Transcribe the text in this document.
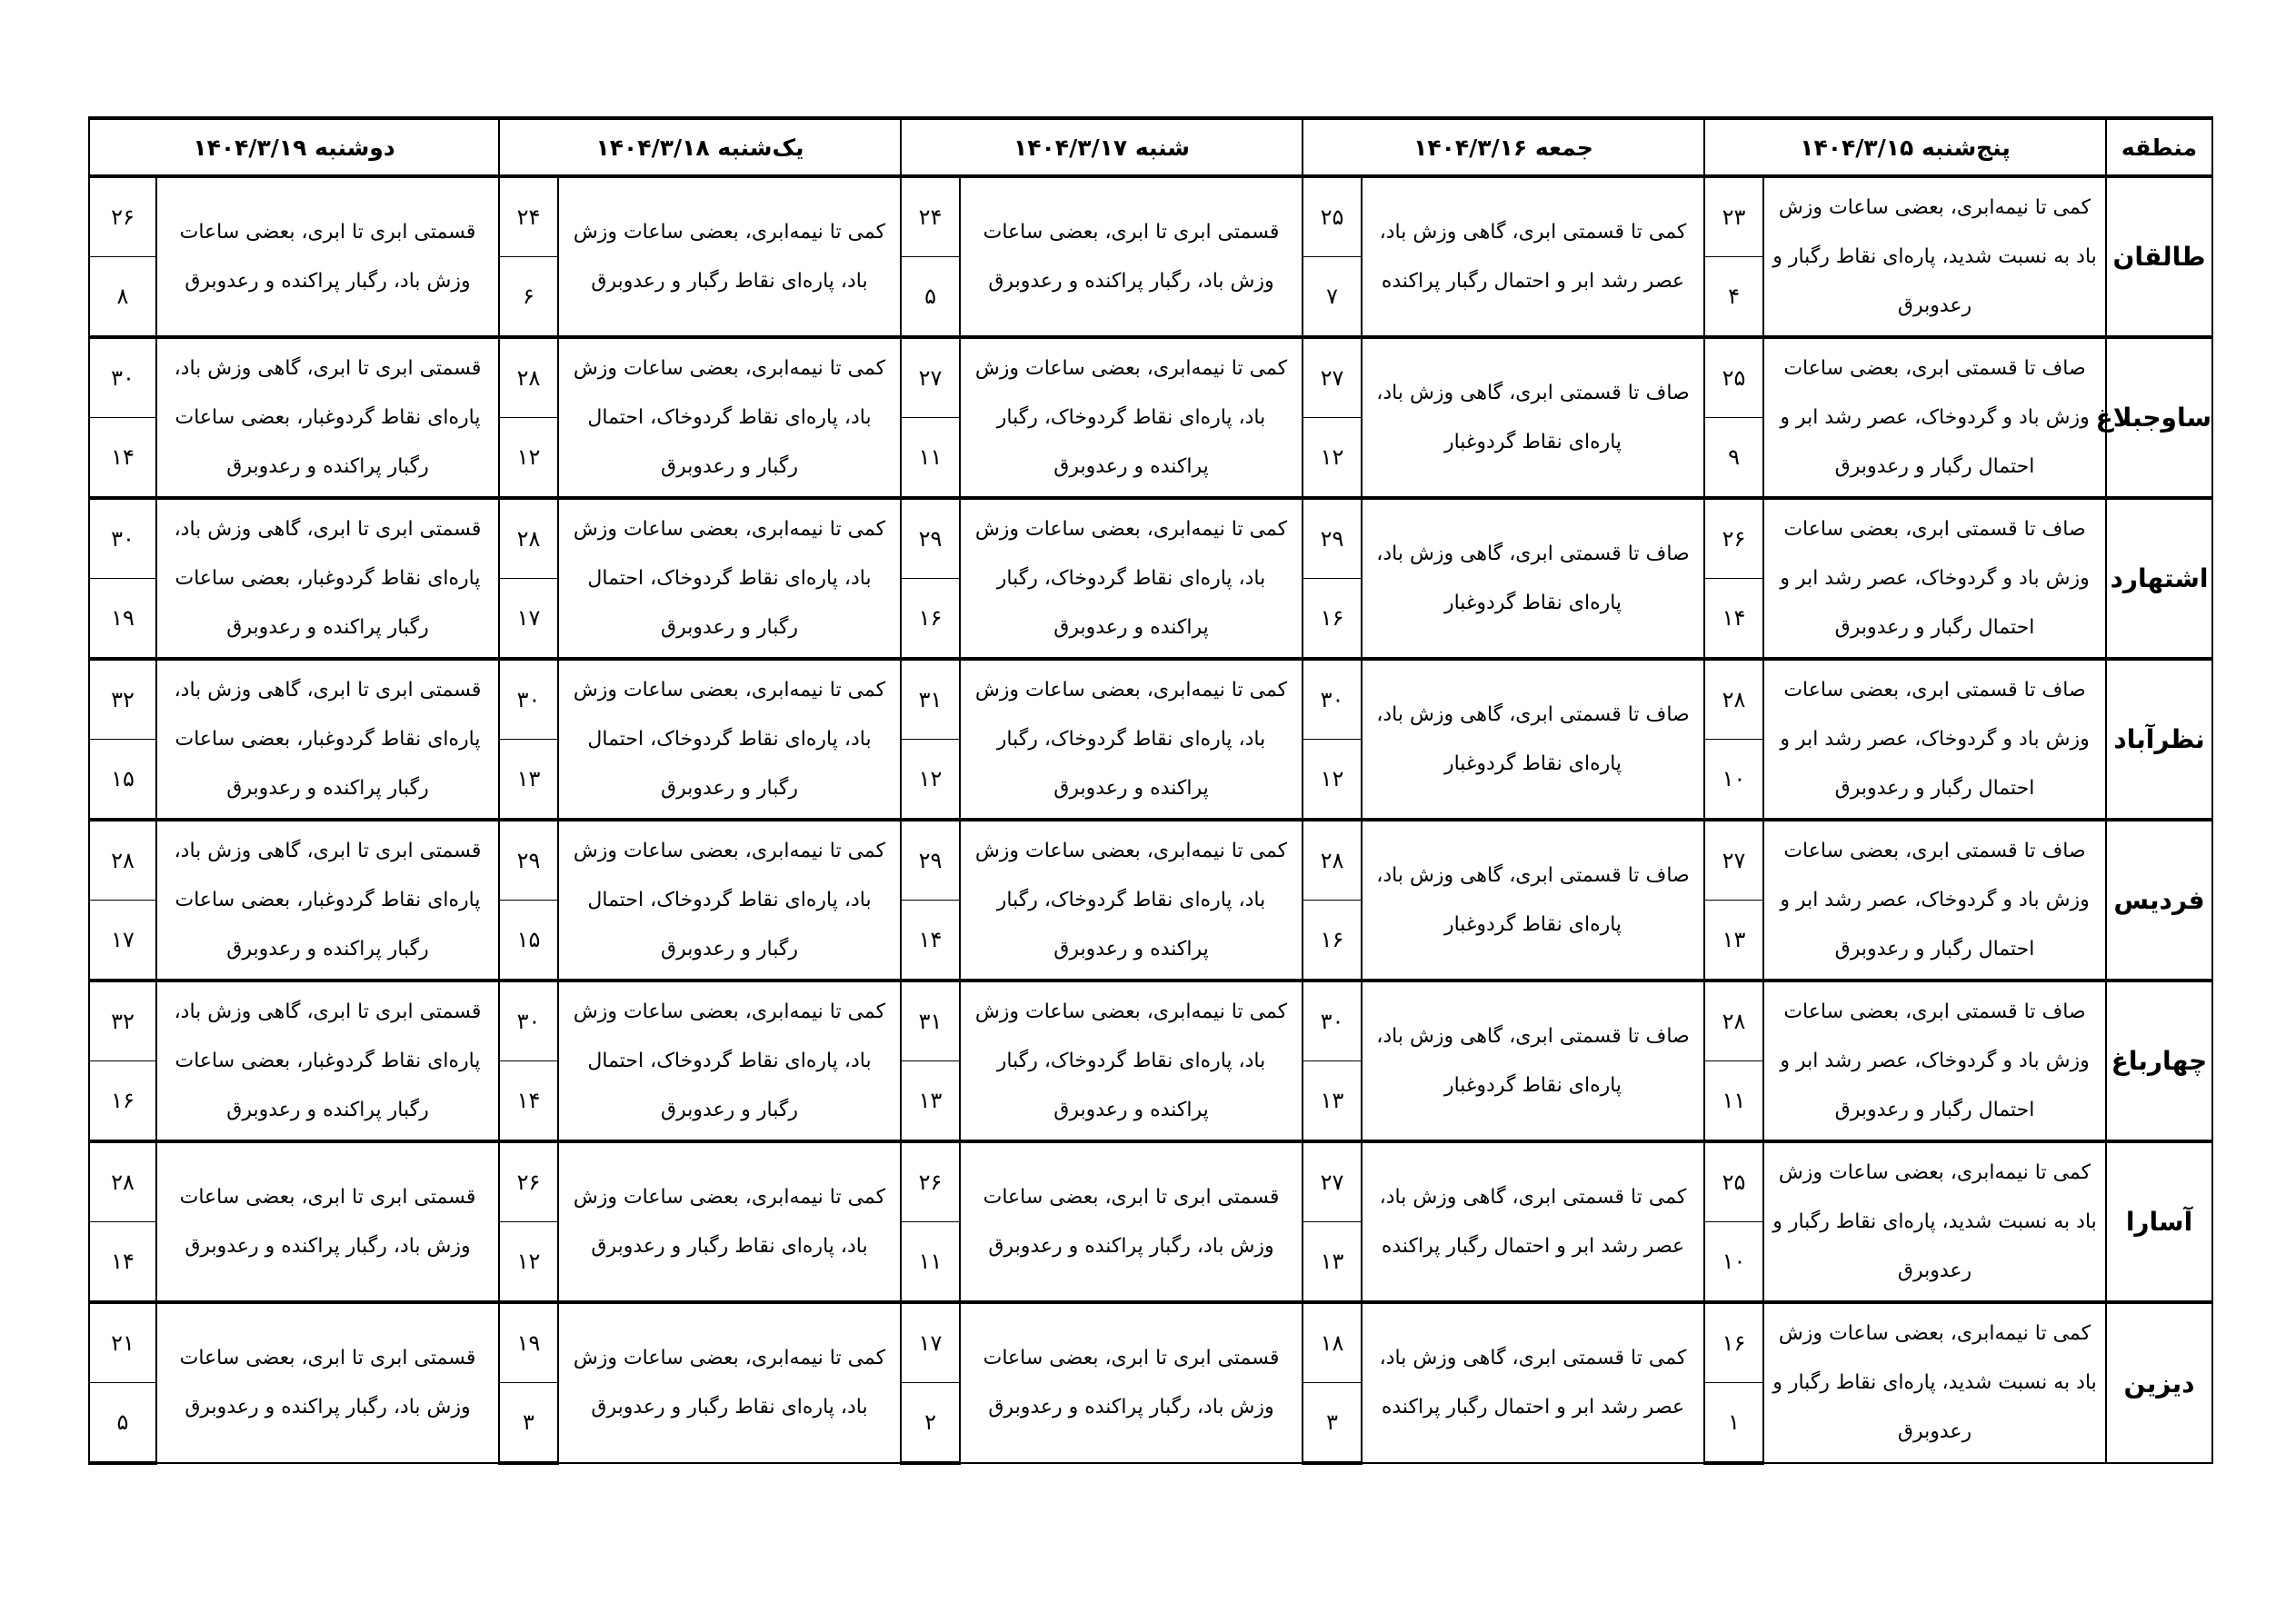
منطقه	پنج‌شنبه ۱۴۰۴/۳/۱۵		جمعه ۱۴۰۴/۳/۱۶		شنبه ۱۴۰۴/۳/۱۷		یک‌شنبه ۱۴۰۴/۳/۱۸		دوشنبه ۱۴۰۴/۳/۱۹	
طالقان	کمی تا نیمه‌ابری، بعضی ساعات وزش باد به نسبت شدید، پاره‌ای نقاط رگبار و رعدوبرق	۲۳	کمی تا قسمتی ابری، گاهی وزش باد، عصر رشد ابر و احتمال رگبار پراکنده	۲۵	قسمتی ابری تا ابری، بعضی ساعات وزش باد، رگبار پراکنده و رعدوبرق	۲۴	کمی تا نیمه‌ابری، بعضی ساعات وزش باد، پاره‌ای نقاط رگبار و رعدوبرق	۲۴	قسمتی ابری تا ابری، بعضی ساعات وزش باد، رگبار پراکنده و رعدوبرق	۲۶
		۴		۷		۵		۶		۸
ساوجبلاغ	صاف تا قسمتی ابری، بعضی ساعات وزش باد و گردوخاک، عصر رشد ابر و احتمال رگبار و رعدوبرق	۲۵	صاف تا قسمتی ابری، گاهی وزش باد، پاره‌ای نقاط گردوغبار	۲۷	کمی تا نیمه‌ابری، بعضی ساعات وزش باد، پاره‌ای نقاط گردوخاک، رگبار پراکنده و رعدوبرق	۲۷	کمی تا نیمه‌ابری، بعضی ساعات وزش باد، پاره‌ای نقاط گردوخاک، احتمال رگبار و رعدوبرق	۲۸	قسمتی ابری تا ابری، گاهی وزش باد، پاره‌ای نقاط گردوغبار، بعضی ساعات رگبار پراکنده و رعدوبرق	۳۰
		۹		۱۲		۱۱		۱۲		۱۴
اشتهارد	صاف تا قسمتی ابری، بعضی ساعات وزش باد و گردوخاک، عصر رشد ابر و احتمال رگبار و رعدوبرق	۲۶	صاف تا قسمتی ابری، گاهی وزش باد، پاره‌ای نقاط گردوغبار	۲۹	کمی تا نیمه‌ابری، بعضی ساعات وزش باد، پاره‌ای نقاط گردوخاک، رگبار پراکنده و رعدوبرق	۲۹	کمی تا نیمه‌ابری، بعضی ساعات وزش باد، پاره‌ای نقاط گردوخاک، احتمال رگبار و رعدوبرق	۲۸	قسمتی ابری تا ابری، گاهی وزش باد، پاره‌ای نقاط گردوغبار، بعضی ساعات رگبار پراکنده و رعدوبرق	۳۰
		۱۴		۱۶		۱۶		۱۷		۱۹
نظرآباد	صاف تا قسمتی ابری، بعضی ساعات وزش باد و گردوخاک، عصر رشد ابر و احتمال رگبار و رعدوبرق	۲۸	صاف تا قسمتی ابری، گاهی وزش باد، پاره‌ای نقاط گردوغبار	۳۰	کمی تا نیمه‌ابری، بعضی ساعات وزش باد، پاره‌ای نقاط گردوخاک، رگبار پراکنده و رعدوبرق	۳۱	کمی تا نیمه‌ابری، بعضی ساعات وزش باد، پاره‌ای نقاط گردوخاک، احتمال رگبار و رعدوبرق	۳۰	قسمتی ابری تا ابری، گاهی وزش باد، پاره‌ای نقاط گردوغبار، بعضی ساعات رگبار پراکنده و رعدوبرق	۳۲
		۱۰		۱۲		۱۲		۱۳		۱۵
فردیس	صاف تا قسمتی ابری، بعضی ساعات وزش باد و گردوخاک، عصر رشد ابر و احتمال رگبار و رعدوبرق	۲۷	صاف تا قسمتی ابری، گاهی وزش باد، پاره‌ای نقاط گردوغبار	۲۸	کمی تا نیمه‌ابری، بعضی ساعات وزش باد، پاره‌ای نقاط گردوخاک، رگبار پراکنده و رعدوبرق	۲۹	کمی تا نیمه‌ابری، بعضی ساعات وزش باد، پاره‌ای نقاط گردوخاک، احتمال رگبار و رعدوبرق	۲۹	قسمتی ابری تا ابری، گاهی وزش باد، پاره‌ای نقاط گردوغبار، بعضی ساعات رگبار پراکنده و رعدوبرق	۲۸
		۱۳		۱۶		۱۴		۱۵		۱۷
چهارباغ	صاف تا قسمتی ابری، بعضی ساعات وزش باد و گردوخاک، عصر رشد ابر و احتمال رگبار و رعدوبرق	۲۸	صاف تا قسمتی ابری، گاهی وزش باد، پاره‌ای نقاط گردوغبار	۳۰	کمی تا نیمه‌ابری، بعضی ساعات وزش باد، پاره‌ای نقاط گردوخاک، رگبار پراکنده و رعدوبرق	۳۱	کمی تا نیمه‌ابری، بعضی ساعات وزش باد، پاره‌ای نقاط گردوخاک، احتمال رگبار و رعدوبرق	۳۰	قسمتی ابری تا ابری، گاهی وزش باد، پاره‌ای نقاط گردوغبار، بعضی ساعات رگبار پراکنده و رعدوبرق	۳۲
		۱۱		۱۳		۱۳		۱۴		۱۶
آسارا	کمی تا نیمه‌ابری، بعضی ساعات وزش باد به نسبت شدید، پاره‌ای نقاط رگبار و رعدوبرق	۲۵	کمی تا قسمتی ابری، گاهی وزش باد، عصر رشد ابر و احتمال رگبار پراکنده	۲۷	قسمتی ابری تا ابری، بعضی ساعات وزش باد، رگبار پراکنده و رعدوبرق	۲۶	کمی تا نیمه‌ابری، بعضی ساعات وزش باد، پاره‌ای نقاط رگبار و رعدوبرق	۲۶	قسمتی ابری تا ابری، بعضی ساعات وزش باد، رگبار پراکنده و رعدوبرق	۲۸
		۱۰		۱۳		۱۱		۱۲		۱۴
دیزین	کمی تا نیمه‌ابری، بعضی ساعات وزش باد به نسبت شدید، پاره‌ای نقاط رگبار و رعدوبرق	۱۶	کمی تا قسمتی ابری، گاهی وزش باد، عصر رشد ابر و احتمال رگبار پراکنده	۱۸	قسمتی ابری تا ابری، بعضی ساعات وزش باد، رگبار پراکنده و رعدوبرق	۱۷	کمی تا نیمه‌ابری، بعضی ساعات وزش باد، پاره‌ای نقاط رگبار و رعدوبرق	۱۹	قسمتی ابری تا ابری، بعضی ساعات وزش باد، رگبار پراکنده و رعدوبرق	۲۱
		۱		۳		۲		۳		۵
